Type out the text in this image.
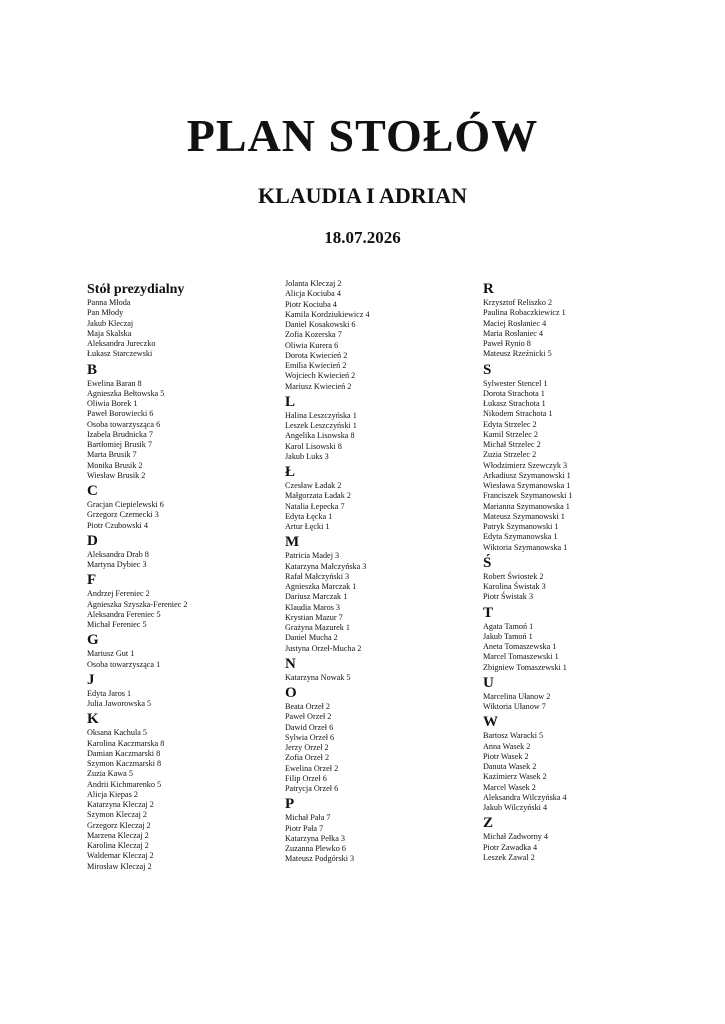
PLAN STOŁÓW
KLAUDIA I ADRIAN
18.07.2026
Stół prezydialny
Panna Młoda
Pan Młody
Jakub Kleczaj
Maja Skalska
Aleksandra Jureczko
Łukasz Starczewski
B
Ewelina Baran 8
Agnieszka Bełtowska 5
Oliwia Borek 1
Paweł Borowiecki 6
Osoba towarzysząca 6
Izabela Brudnicka 7
Bartłomiej Brusik 7
Marta Brusik 7
Monika Brusik 2
Wiesław Brusik 2
C
Gracjan Ciepielewski 6
Grzegorz Czernecki 3
Piotr Czubowski 4
D
Aleksandra Drab 8
Martyna Dybiec 3
F
Andrzej Fereniec 2
Agnieszka Szyszka-Fereniec 2
Aleksandra Fereniec 5
Michał Fereniec 5
G
Mariusz Gut 1
Osoba towarzysząca 1
J
Edyta Jaros 1
Julia Jaworowska 5
K
Oksana Kachula 5
Karolina Kaczmarska 8
Damian Kaczmarski 8
Szymon Kaczmarski 8
Zuzia Kawa 5
Andrii Kichmarenko 5
Alicja Kiepas 2
Katarzyna Kleczaj 2
Szymon Kleczaj 2
Grzegorz Kleczaj 2
Marzena Kleczaj 2
Karolina Kleczaj 2
Waldemar Kleczaj 2
Mirosław Kleczaj 2
Jolanta Kleczaj 2
Alicja Kociuba 4
Piotr Kociuba 4
Kamila Kordziukiewicz 4
Daniel Kosakowski 6
Zofia Kozerska 7
Oliwia Kurera 6
Dorota Kwiecień 2
Emilia Kwiecień 2
Wojciech Kwiecień 2
Mariusz Kwiecień 2
L
Halina Leszczyńska 1
Leszek Leszczyński 1
Angelika Lisowska 8
Karol Lisowski 8
Jakub Luks 3
Ł
Czesław Ładak 2
Małgorzata Ładak 2
Natalia Łepecka 7
Edyta Łęcka 1
Artur Łęcki 1
M
Patricia Madej 3
Katarzyna Małczyńska 3
Rafał Małczyński 3
Agnieszka Marczak 1
Dariusz Marczak 1
Klaudia Maros 3
Krystian Mazur 7
Grażyna Mazurek 1
Daniel Mucha 2
Justyna Orzeł-Mucha 2
N
Katarzyna Nowak 5
O
Beata Orzeł 2
Paweł Orzeł 2
Dawid Orzeł 6
Sylwia Orzeł 6
Jerzy Orzeł 2
Zofia Orzeł 2
Ewelina Orzeł 2
Filip Orzeł 6
Patrycja Orzeł 6
P
Michał Pała 7
Piotr Pała 7
Katarzyna Pełka 3
Zuzanna Plewko 6
Mateusz Podgórski 3
R
Krzysztof Reliszko 2
Paulina Robaczkiewicz 1
Maciej Rosłaniec 4
Maria Rosłaniec 4
Paweł Rynio 8
Mateusz Rzeźnicki 5
S
Sylwester Stencel 1
Dorota Strachota 1
Łukasz Strachota 1
Nikodem Strachota 1
Edyta Strzelec 2
Kamil Strzelec 2
Michał Strzelec 2
Zuzia Strzelec 2
Włodzimierz Szewczyk 3
Arkadiusz Szymanowski 1
Wiesława Szymanowska 1
Franciszek Szymanowski 1
Marianna Szymanowska 1
Mateusz Szymanowski 1
Patryk Szymanowski 1
Edyta Szymanowska 1
Wiktoria Szymanowska 1
Ś
Robert Świostek 2
Karolina Świstak 3
Piotr Świstak 3
T
Agata Tamoń 1
Jakub Tamoń 1
Aneta Tomaszewska 1
Marcel Tomaszewski 1
Zbigniew Tomaszewski 1
U
Marcelina Ułanow 2
Wiktoria Ułanow 7
W
Bartosz Waracki 5
Anna Wasek 2
Piotr Wasek 2
Danuta Wasek 2
Kazimierz Wasek 2
Marcel Wasek 2
Aleksandra Wilczyńska 4
Jakub Wilczyński 4
Z
Michał Zadworny 4
Piotr Zawadka 4
Leszek Zawal 2
